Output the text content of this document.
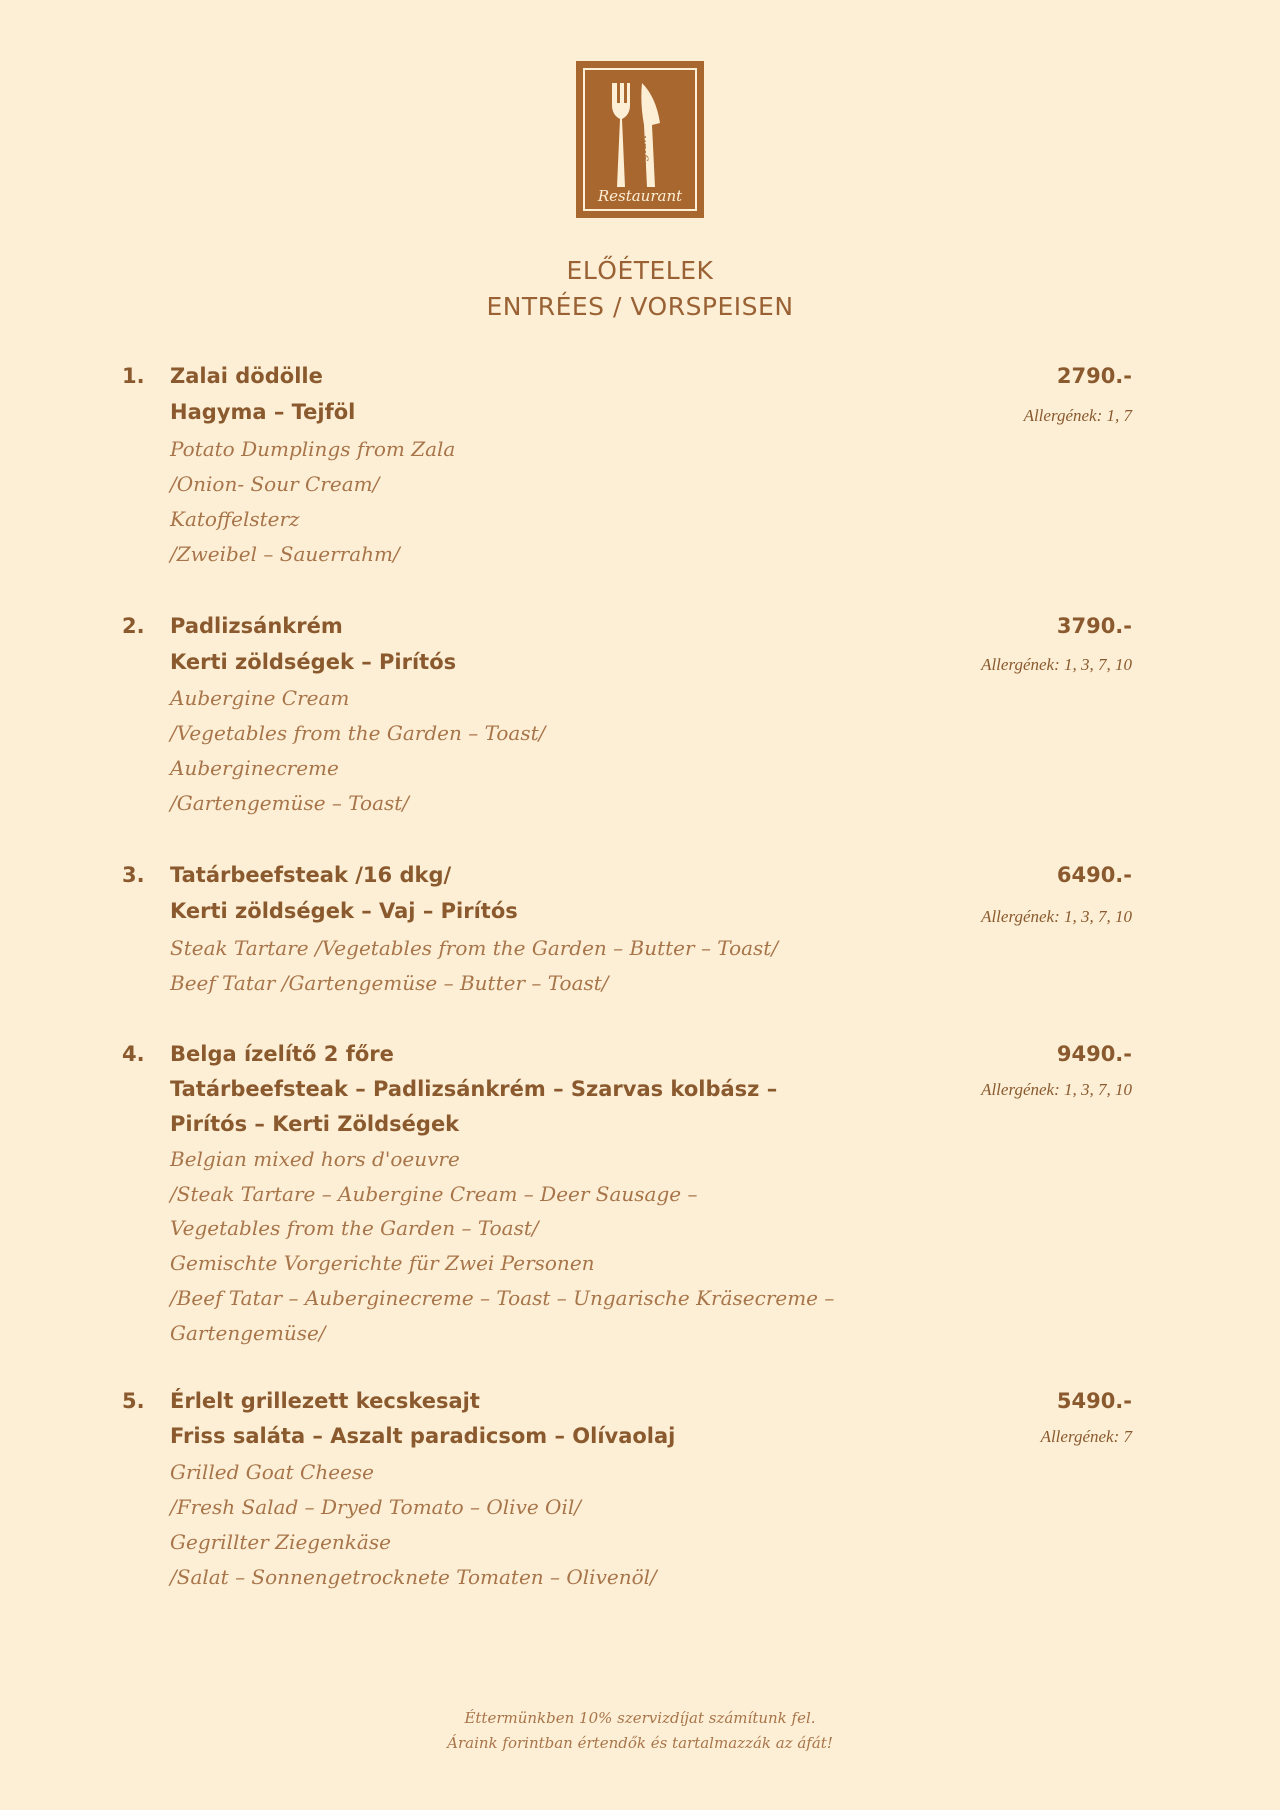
Belgian
Restaurant
ELŐÉTELEK
ENTRÉES / VORSPEISEN
1. Zalai dödölle	2790.-
Hagyma – Tejföl	Allergének: 1, 7
Potato Dumplings from Zala
/Onion- Sour Cream/
Katoffelsterz
/Zweibel – Sauerrahm/
2. Padlizsánkrém	3790.-
Kerti zöldségek – Pirítós	Allergének: 1, 3, 7, 10
Aubergine Cream
/Vegetables from the Garden – Toast/
Auberginecreme
/Gartengemüse – Toast/
3. Tatárbeefsteak /16 dkg/	6490.-
Kerti zöldségek – Vaj – Pirítós	Allergének: 1, 3, 7, 10
Steak Tartare /Vegetables from the Garden – Butter – Toast/
Beef Tatar /Gartengemüse – Butter – Toast/
4. Belga ízelítő 2 főre	9490.-
Tatárbeefsteak – Padlizsánkrém – Szarvas kolbász –	Allergének: 1, 3, 7, 10
Pirítós – Kerti Zöldségek
Belgian mixed hors d'oeuvre
/Steak Tartare – Aubergine Cream – Deer Sausage –
Vegetables from the Garden – Toast/
Gemischte Vorgerichte für Zwei Personen
/Beef Tatar – Auberginecreme – Toast – Ungarische Kräsecreme –
Gartengemüse/
5. Érlelt grillezett kecskesajt	5490.-
Friss saláta – Aszalt paradicsom – Olívaolaj	Allergének: 7
Grilled Goat Cheese
/Fresh Salad – Dryed Tomato – Olive Oil/
Gegrillter Ziegenkäse
/Salat – Sonnengetrocknete Tomaten – Olivenöl/
Éttermünkben 10% szervizdíjat számítunk fel.
Áraink forintban értendők és tartalmazzák az áfát!
